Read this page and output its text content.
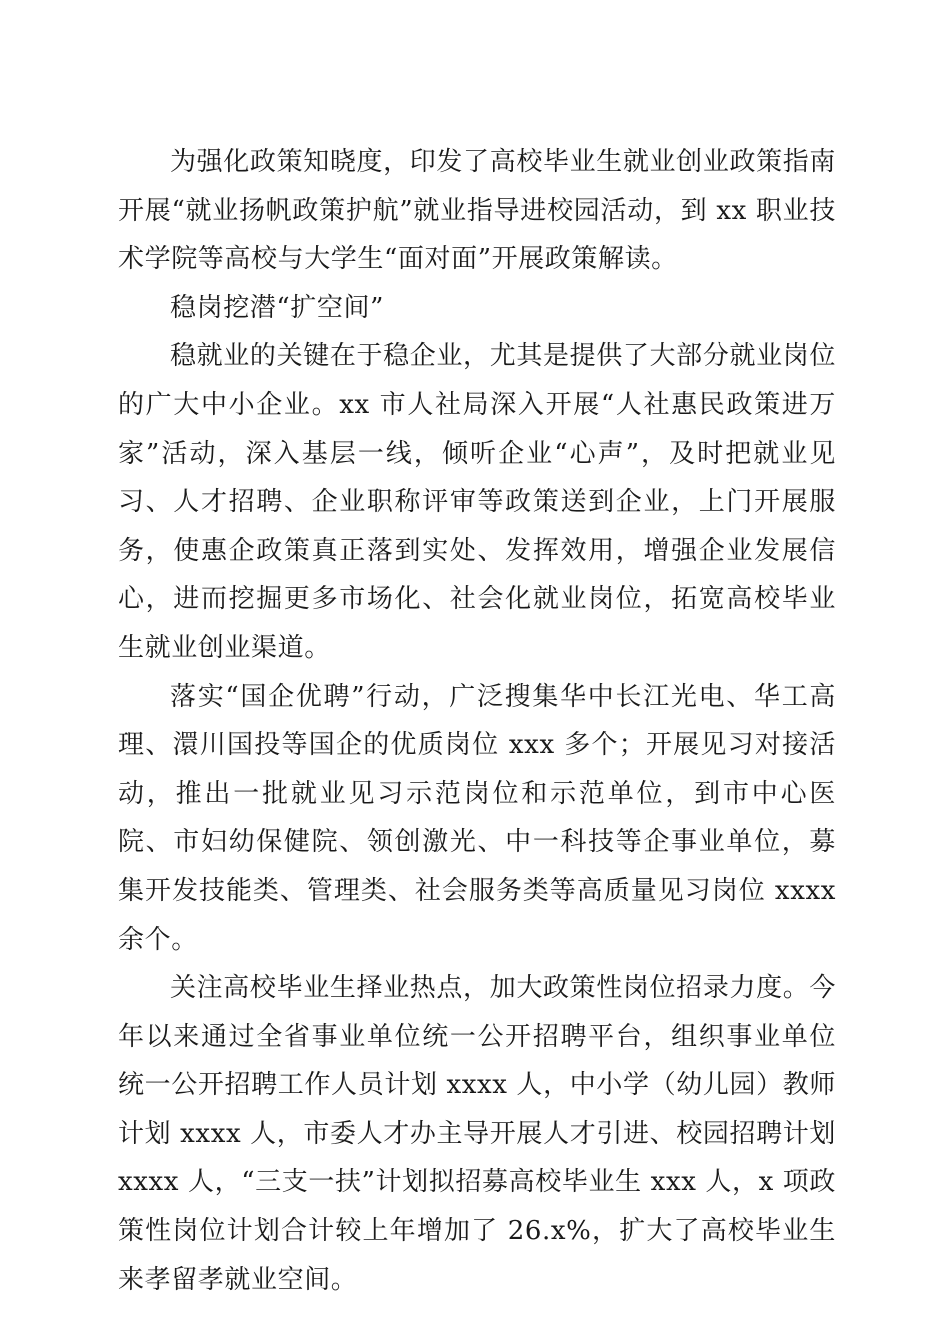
为强化政策知晓度，印发了高校毕业生就业创业政策指南开展“就业扬帆政策护航”就业指导进校园活动，到 xx 职业技术学院等高校与大学生“面对面”开展政策解读。

稳岗挖潜“扩空间”

稳就业的关键在于稳企业，尤其是提供了大部分就业岗位的广大中小企业。xx 市人社局深入开展“人社惠民政策进万家”活动，深入基层一线，倾听企业“心声”，及时把就业见习、人才招聘、企业职称评审等政策送到企业，上门开展服务，使惠企政策真正落到实处、发挥效用，增强企业发展信心，进而挖掘更多市场化、社会化就业岗位，拓宽高校毕业生就业创业渠道。

落实“国企优聘”行动，广泛搜集华中长江光电、华工高理、澴川国投等国企的优质岗位 xxx 多个；开展见习对接活动，推出一批就业见习示范岗位和示范单位，到市中心医院、市妇幼保健院、领创激光、中一科技等企事业单位，募集开发技能类、管理类、社会服务类等高质量见习岗位 xxxx 余个。

关注高校毕业生择业热点，加大政策性岗位招录力度。今年以来通过全省事业单位统一公开招聘平台，组织事业单位统一公开招聘工作人员计划 xxxx 人，中小学（幼儿园）教师计划 xxxx 人，市委人才办主导开展人才引进、校园招聘计划 xxxx 人，“三支一扶”计划拟招募高校毕业生 xxx 人，x 项政策性岗位计划合计较上年增加了 26.x%，扩大了高校毕业生来孝留孝就业空间。
